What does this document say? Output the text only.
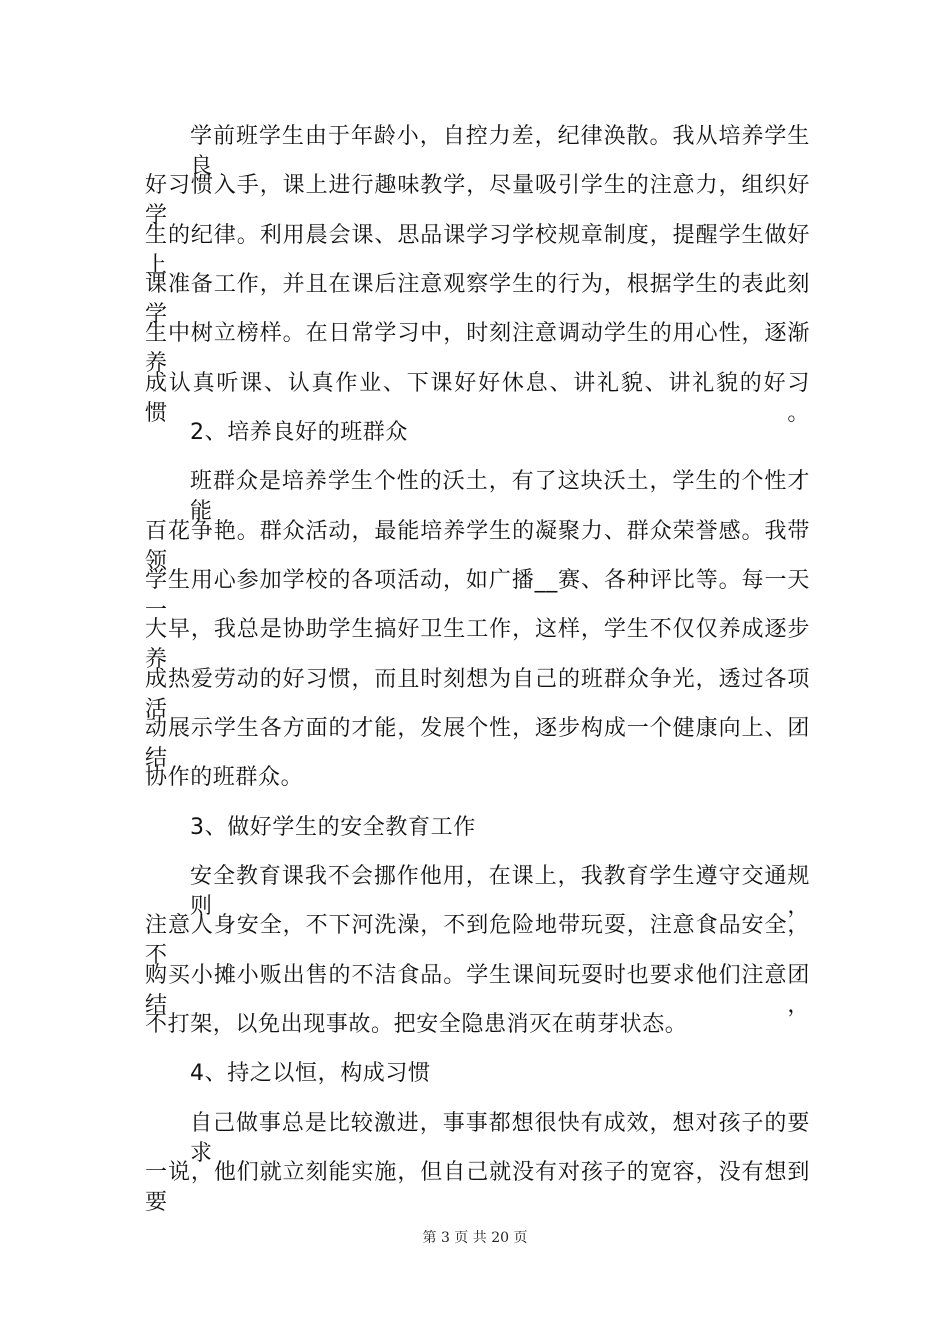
学前班学生由于年龄小，自控力差，纪律涣散。我从培养学生良
好习惯入手，课上进行趣味教学，尽量吸引学生的注意力，组织好学
生的纪律。利用晨会课、思品课学习学校规章制度，提醒学生做好上
课准备工作，并且在课后注意观察学生的行为，根据学生的表此刻学
生中树立榜样。在日常学习中，时刻注意调动学生的用心性，逐渐养
成认真听课、认真作业、下课好好休息、讲礼貌、讲礼貌的好习惯。
2、培养良好的班群众
班群众是培养学生个性的沃土，有了这块沃土，学生的个性才能
百花争艳。群众活动，最能培养学生的凝聚力、群众荣誉感。我带领
学生用心参加学校的各项活动，如广播__赛、各种评比等。每一天一
大早，我总是协助学生搞好卫生工作，这样，学生不仅仅养成逐步养
成热爱劳动的好习惯，而且时刻想为自己的班群众争光，透过各项活
动展示学生各方面的才能，发展个性，逐步构成一个健康向上、团结
协作的班群众。
3、做好学生的安全教育工作
安全教育课我不会挪作他用，在课上，我教育学生遵守交通规则，
注意人身安全，不下河洗澡，不到危险地带玩耍，注意食品安全，不
购买小摊小贩出售的不洁食品。学生课间玩耍时也要求他们注意团结，
不打架，以免出现事故。把安全隐患消灭在萌芽状态。
4、持之以恒，构成习惯
自己做事总是比较激进，事事都想很快有成效，想对孩子的要求
一说，他们就立刻能实施，但自己就没有对孩子的宽容，没有想到要
第 3 页 共 20 页
